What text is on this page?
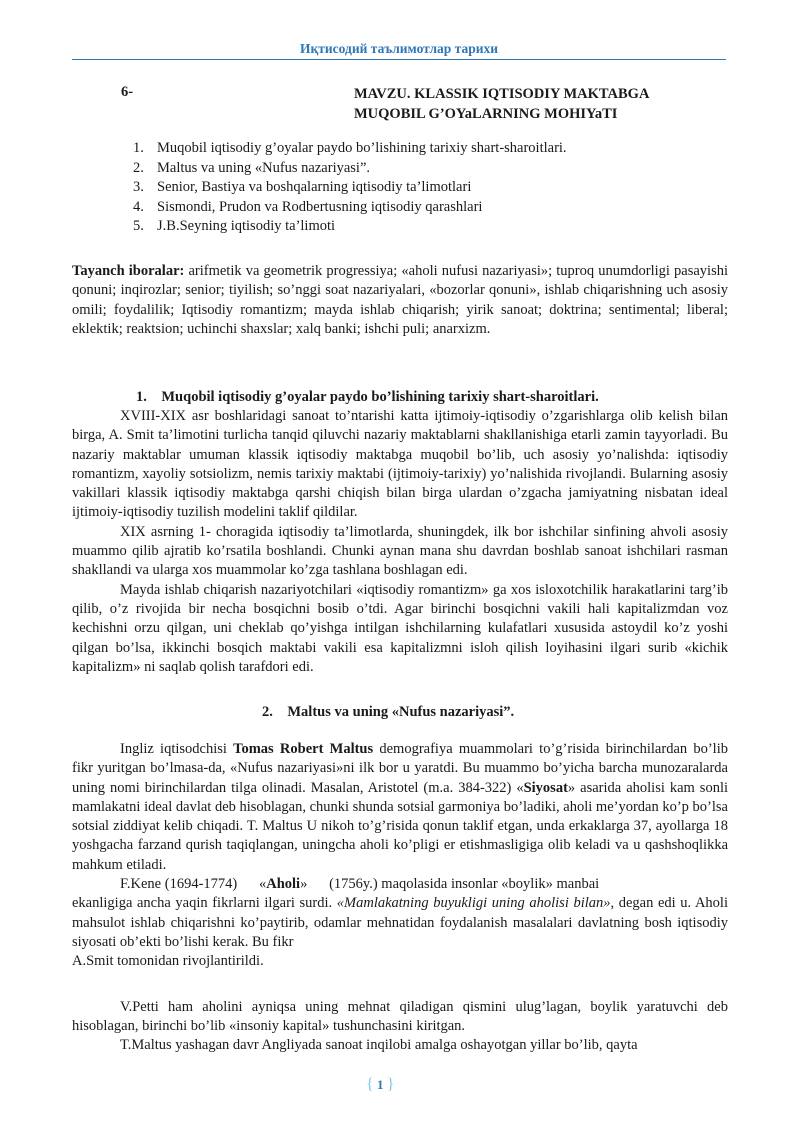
Иқтисодий таълимотлар тарихи
6-	MAVZU. KLASSIK IQTISODIY MAKTABGA
MUQOBIL G’OYaLARNING MOHIYaTI
1. Muqobil iqtisodiy g’oyalar paydo bo’lishining tarixiy shart-sharoitlari.
2. Maltus va uning «Nufus nazariyasi”.
3. Senior, Bastiya va boshqalarning iqtisodiy ta’limotlari
4. Sismondi, Prudon va Rodbertusning iqtisodiy qarashlari
5. J.B.Seyning iqtisodiy ta’limoti

Tayanch iboralar: arifmetik va geometrik progressiya; «aholi nufusi nazariyasi»; tuproq unumdorligi pasayishi qonuni; inqirozlar; senior; tiyilish; so’nggi soat nazariyalari, «bozorlar qonuni», ishlab chiqarishning uch asosiy omili; foydalilik; Iqtisodiy romantizm; mayda ishlab chiqarish; yirik sanoat; doktrina; sentimental; liberal; eklektik; reaktsion; uchinchi shaxslar; xalq banki; ishchi puli; anarxizm.

1. Muqobil iqtisodiy g’oyalar paydo bo’lishining tarixiy shart-sharoitlari.

XVIII-XIX asr boshlaridagi sanoat to’ntarishi katta ijtimoiy-iqtisodiy o’zgarishlarga olib kelish bilan birga, A. Smit ta’limotini turlicha tanqid qiluvchi nazariy maktablarni shakllanishiga etarli zamin tayyorladi. Bu nazariy maktablar umuman klassik iqtisodiy maktabga muqobil bo’lib, uch asosiy yo’nalishda: iqtisodiy romantizm, xayoliy sotsiolizm, nemis tarixiy maktabi (ijtimoiy-tarixiy) yo’nalishida rivojlandi. Bularning asosiy vakillari klassik iqtisodiy maktabga qarshi chiqish bilan birga ulardan o’zgacha jamiyatning nisbatan ideal ijtimoiy-iqtisodiy tuzilish modelini taklif qildilar.

XIX asrning 1- choragida iqtisodiy ta’limotlarda, shuningdek, ilk bor ishchilar sinfining ahvoli asosiy muammo qilib ajratib ko’rsatila boshlandi. Chunki aynan mana shu davrdan boshlab sanoat ishchilari rasman shakllandi va ularga xos muammolar ko’zga tashlana boshlagan edi.

Mayda ishlab chiqarish nazariyotchilari «iqtisodiy romantizm» ga xos isloxotchilik harakatlarini targ’ib qilib, o’z rivojida bir necha bosqichni bosib o’tdi. Agar birinchi bosqichni vakili hali kapitalizmdan voz kechishni orzu qilgan, uni cheklab qo’yishga intilgan ishchilarning kulafatlari xususida astoydil ko’z yoshi qilgan bo’lsa, ikkinchi bosqich maktabi vakili esa kapitalizmni isloh qilish loyihasini ilgari surib «kichik kapitalizm» ni saqlab qolish tarafdori edi.

2. Maltus va uning «Nufus nazariyasi”.

Ingliz iqtisodchisi Tomas Robert Maltus demografiya muammolari to’g’risida birinchilardan bo’lib fikr yuritgan bo’lmasa-da, «Nufus nazariyasi»ni ilk bor u yaratdi. Bu muammo bo’yicha barcha munozaralarda uning nomi birinchilardan tilga olinadi. Masalan, Aristotel (m.a. 384-322) «Siyosat» asarida aholisi kam sonli mamlakatni ideal davlat deb hisoblagan, chunki shunda sotsial garmoniya bo’ladiki, aholi me’yordan ko’p bo’lsa sotsial ziddiyat kelib chiqadi. T. Maltus U nikoh to’g’risida qonun taklif etgan, unda erkaklarga 37, ayollarga 18 yoshgacha farzand qurish taqiqlangan, uningcha aholi ko’pligi er etishmasligiga olib keladi va u qashshoqlikka mahkum etiladi.

F.Kene (1694-1774)  «Aholi»  (1756y.) maqolasida insonlar «boylik» manbai

ekanligiga ancha yaqin fikrlarni ilgari surdi. «Mamlakatning buyukligi uning aholisi bilan», degan edi u. Aholi mahsulot ishlab chiqarishni ko’paytirib, odamlar mehnatidan foydalanish masalalari davlatning bosh iqtisodiy siyosati ob’ekti bo’lishi kerak. Bu fikr

A.Smit tomonidan rivojlantirildi.

V.Petti ham aholini ayniqsa uning mehnat qiladigan qismini ulug’lagan, boylik yaratuvchi deb hisoblagan, birinchi bo’lib «insoniy kapital» tushunchasini kiritgan.

T.Maltus yashagan davr Angliyada sanoat inqilobi amalga oshayotgan yillar bo’lib, qayta

{ 1 }
